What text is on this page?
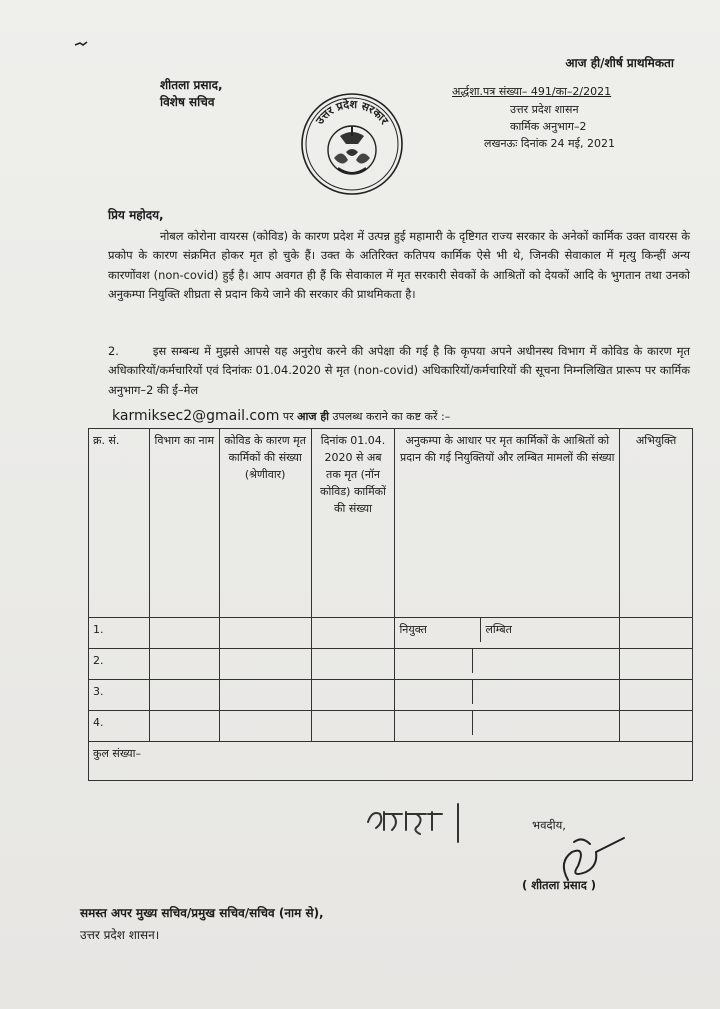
आज ही/शीर्ष प्राथमिकता
शीतला प्रसाद,
विशेष सचिव
उत्तर प्रदेश सरकार
अर्द्धशा.पत्र संख्या– 491/का–2/2021
उत्तर प्रदेश शासन
कार्मिक अनुभाग–2
लखनऊः दिनांक 24 मई, 2021
प्रिय महोदय,
नोबल कोरोना वायरस (कोविड) के कारण प्रदेश में उत्पन्न हुई महामारी के दृष्टिगत राज्य सरकार के अनेकों कार्मिक उक्त वायरस के प्रकोप के कारण संक्रमित होकर मृत हो चुके हैं। उक्त के अतिरिक्त कतिपय कार्मिक ऐसे भी थे, जिनकी सेवाकाल में मृत्यु किन्हीं अन्य कारणोंवश (non-covid) हुई है। आप अवगत ही हैं कि सेवाकाल में मृत सरकारी सेवकों के आश्रितों को देयकों आदि के भुगतान तथा उनको अनुकम्पा नियुक्ति शीघ्रता से प्रदान किये जाने की सरकार की प्राथमिकता है।
2.	इस सम्बन्ध में मुझसे आपसे यह अनुरोध करने की अपेक्षा की गई है कि कृपया अपने अधीनस्थ विभाग में कोविड के कारण मृत अधिकारियों/कर्मचारियों एवं दिनांकः 01.04.2020 से मृत (non-covid) अधिकारियों/कर्मचारियों की सूचना निम्नलिखित प्रारूप पर कार्मिक अनुभाग–2 की ई–मेल
karmiksec2@gmail.com पर आज ही उपलब्ध कराने का कष्ट करें :–
क्र. सं.	विभाग का नाम	कोविड के कारण मृत कार्मिकों की संख्या (श्रेणीवार)	दिनांक 01.04. 2020 से अब तक मृत (नॉन कोविड) कार्मिकों की संख्या	अनुकम्पा के आधार पर मृत कार्मिकों के आश्रितों को प्रदान की गई नियुक्तियों और लम्बित मामलों की संख्या	अभियुक्ति
1.				नियुक्त लम्बित	

2.				

3.				

4.				

कुल संख्या–					
भवदीय,
( शीतला प्रसाद )
समस्त अपर मुख्य सचिव/प्रमुख सचिव/सचिव (नाम से),
उत्तर प्रदेश शासन।
